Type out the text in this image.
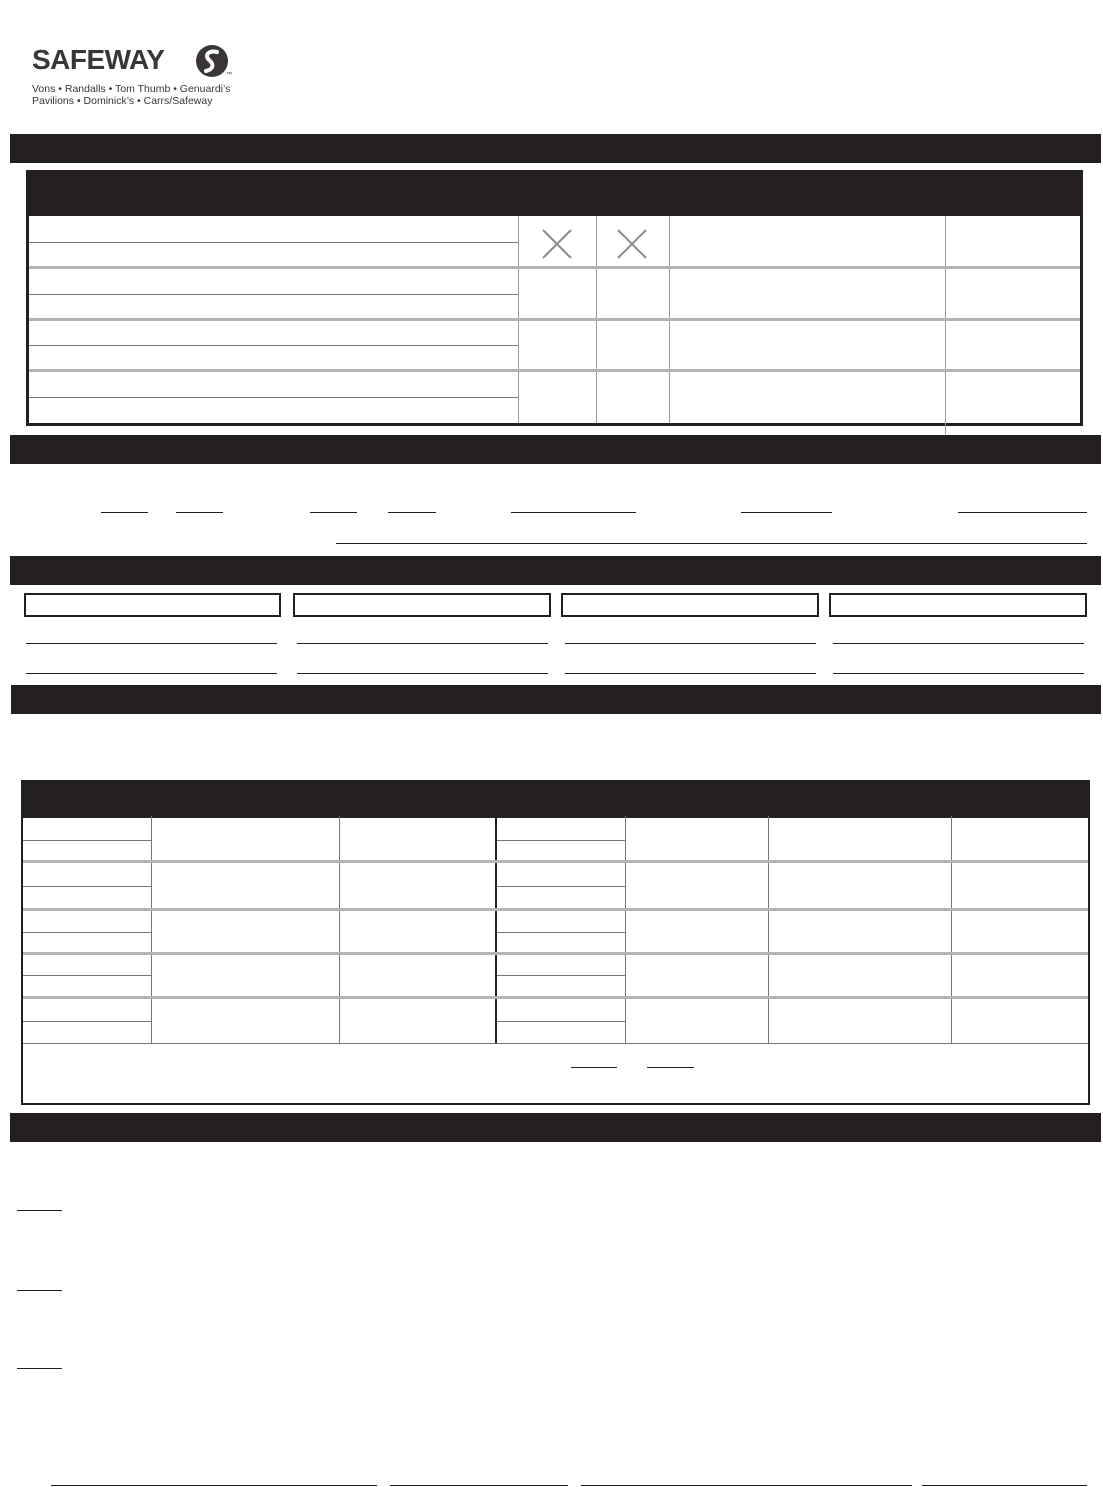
SAFEWAY	™
Vons • Randalls • Tom Thumb • Genuardi’s
Pavilions • Dominick’s • Carrs/Safeway
